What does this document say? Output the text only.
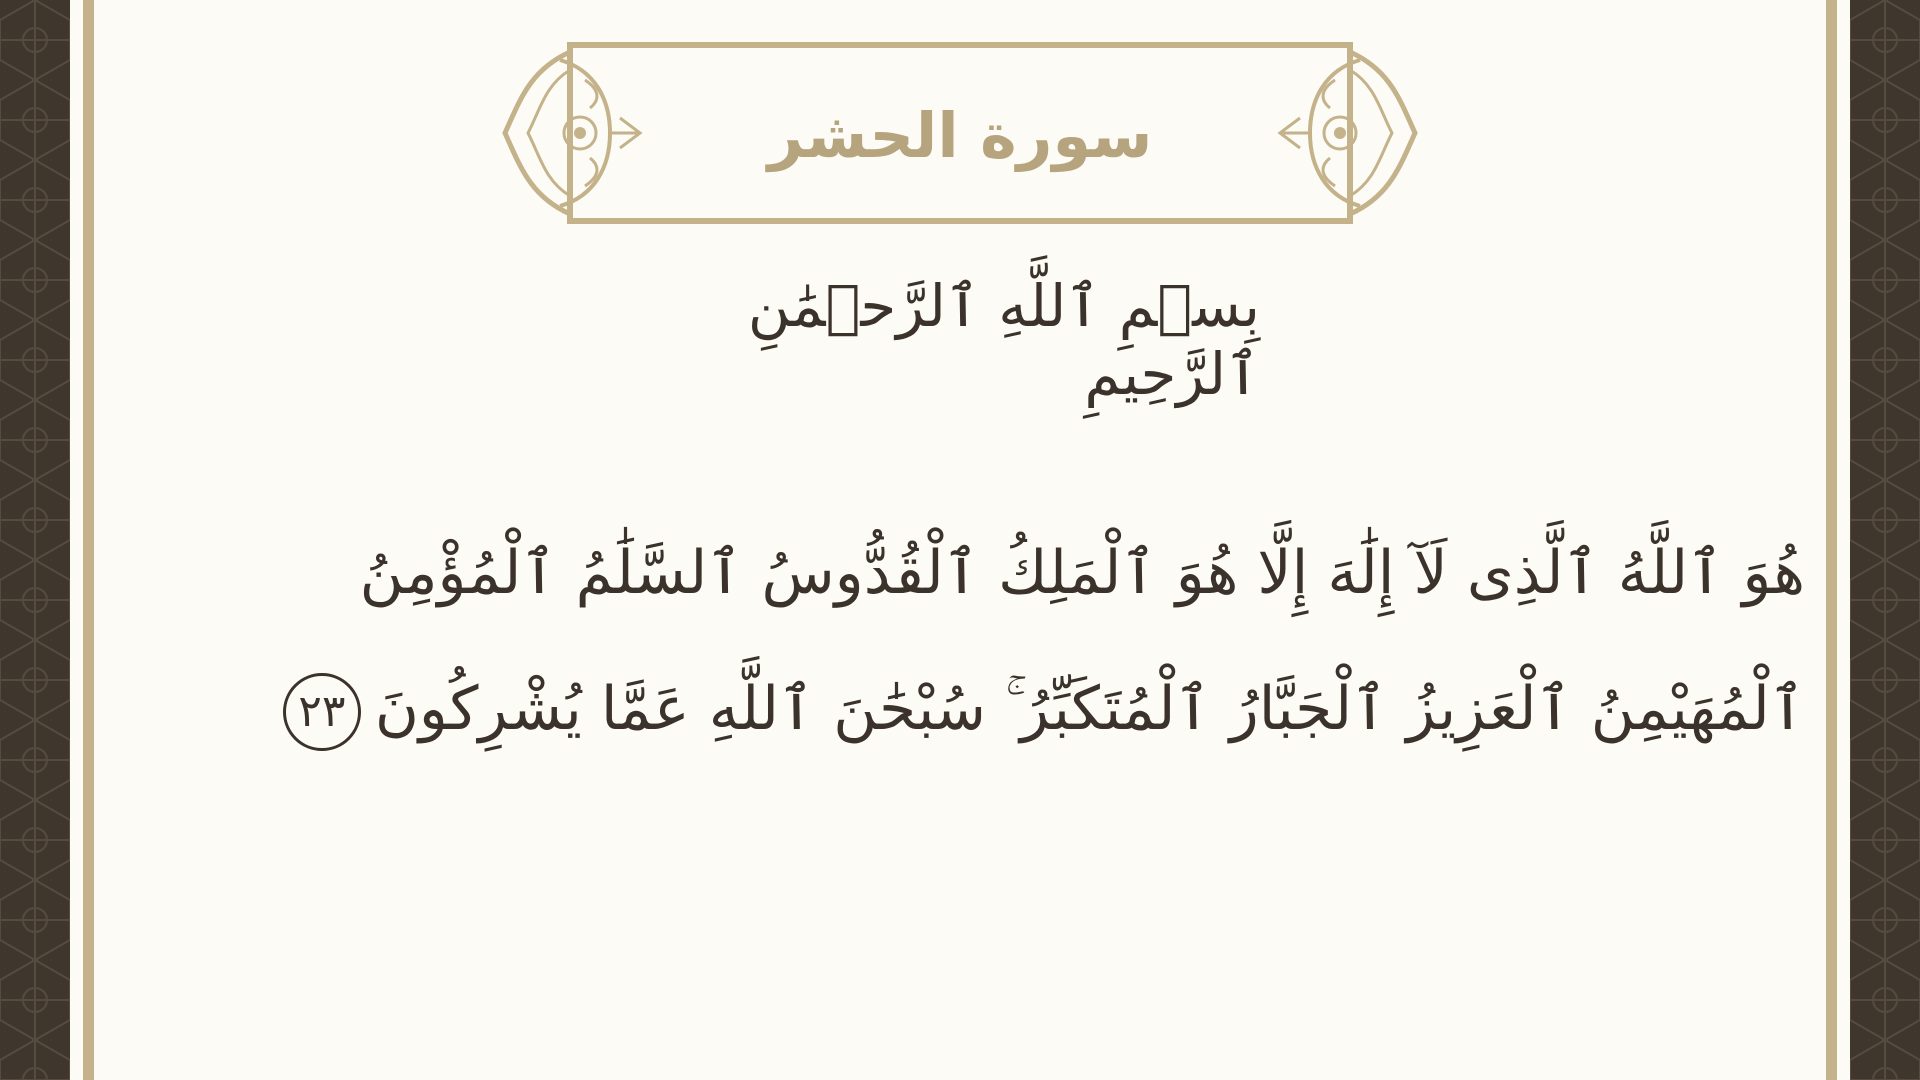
سورة الحشر
بِسۡمِ ٱللَّهِ ٱلرَّحۡمَٰنِ ٱلرَّحِيمِ
هُوَ ٱللَّهُ ٱلَّذِى لَآ إِلَٰهَ إِلَّا هُوَ ٱلْمَلِكُ ٱلْقُدُّوسُ ٱلسَّلَٰمُ ٱلْمُؤْمِنُ
ٱلْمُهَيْمِنُ ٱلْعَزِيزُ ٱلْجَبَّارُ ٱلْمُتَكَبِّرُ ۚ سُبْحَٰنَ ٱللَّهِ عَمَّا يُشْرِكُونَ٢٣
